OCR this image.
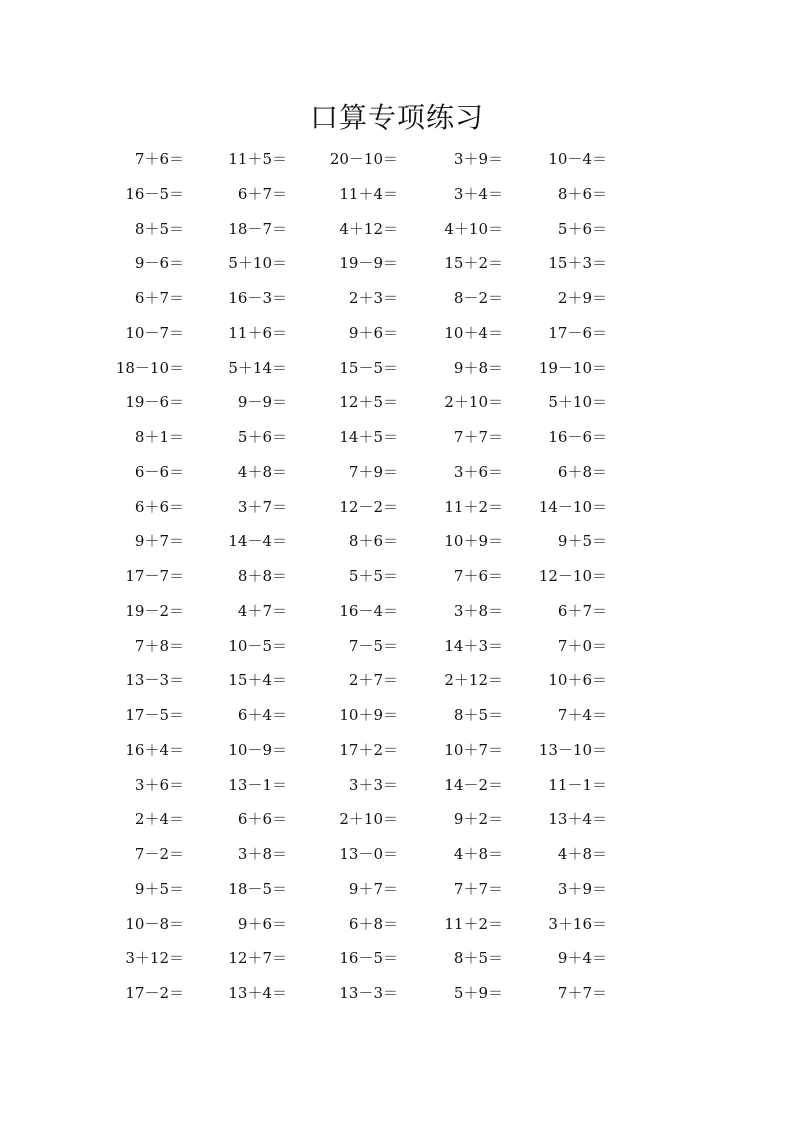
口算专项练习
7＋6＝	11＋5＝	20－10＝	3＋9＝	10－4＝
16－5＝	6＋7＝	11＋4＝	3＋4＝	8＋6＝
8＋5＝	18－7＝	4＋12＝	4＋10＝	5＋6＝
9－6＝	5＋10＝	19－9＝	15＋2＝	15＋3＝
6＋7＝	16－3＝	2＋3＝	8－2＝	2＋9＝
10－7＝	11＋6＝	9＋6＝	10＋4＝	17－6＝
18－10＝	5＋14＝	15－5＝	9＋8＝	19－10＝
19－6＝	9－9＝	12＋5＝	2＋10＝	5＋10＝
8＋1＝	5＋6＝	14＋5＝	7＋7＝	16－6＝
6－6＝	4＋8＝	7＋9＝	3＋6＝	6＋8＝
6＋6＝	3＋7＝	12－2＝	11＋2＝	14－10＝
9＋7＝	14－4＝	8＋6＝	10＋9＝	9＋5＝
17－7＝	8＋8＝	5＋5＝	7＋6＝	12－10＝
19－2＝	4＋7＝	16－4＝	3＋8＝	6＋7＝
7＋8＝	10－5＝	7－5＝	14＋3＝	7＋0＝
13－3＝	15＋4＝	2＋7＝	2＋12＝	10＋6＝
17－5＝	6＋4＝	10＋9＝	8＋5＝	7＋4＝
16＋4＝	10－9＝	17＋2＝	10＋7＝	13－10＝
3＋6＝	13－1＝	3＋3＝	14－2＝	11－1＝
2＋4＝	6＋6＝	2＋10＝	9＋2＝	13＋4＝
7－2＝	3＋8＝	13－0＝	4＋8＝	4＋8＝
9＋5＝	18－5＝	9＋7＝	7＋7＝	3＋9＝
10－8＝	9＋6＝	6＋8＝	11＋2＝	3＋16＝
3＋12＝	12＋7＝	16－5＝	8＋5＝	9＋4＝
17－2＝	13＋4＝	13－3＝	5＋9＝	7＋7＝
